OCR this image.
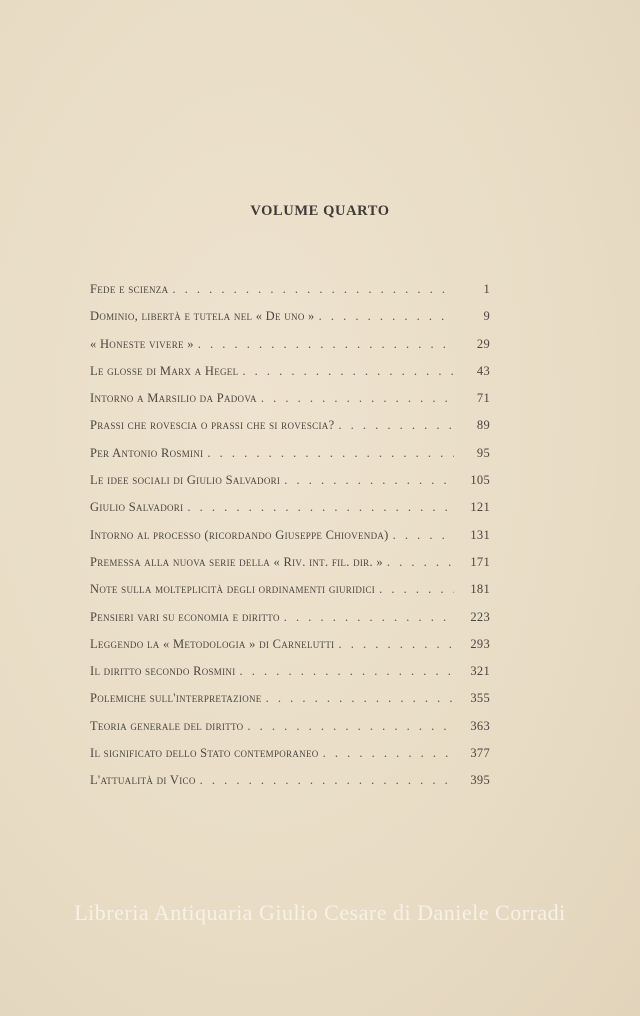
VOLUME QUARTO
Fede e scienza . . .	1
Dominio, libertà e tutela nel « De uno » . . .	9
« Honeste vivere » . . .	29
Le glosse di Marx a Hegel . . .	43
Intorno a Marsilio da Padova . . .	71
Prassi che rovescia o prassi che si rovescia? . . .	89
Per Antonio Rosmini . . .	95
Le idee sociali di Giulio Salvadori . . .	105
Giulio Salvadori . . .	121
Intorno al processo (ricordando Giuseppe Chiovenda) . . .	131
Premessa alla nuova serie della « Riv. int. fil. dir. » . . .	171
Note sulla molteplicità degli ordinamenti giuridici . . .	181
Pensieri vari su economia e diritto . . .	223
Leggendo la « Metodologia » di Carnelutti . . .	293
Il diritto secondo Rosmini . . .	321
Polemiche sull'interpretazione . . .	355
Teoria generale del diritto . . .	363
Il significato dello Stato contemporaneo . . .	377
L'attualità di Vico . . .	395
Libreria Antiquaria Giulio Cesare di Daniele Corradi
